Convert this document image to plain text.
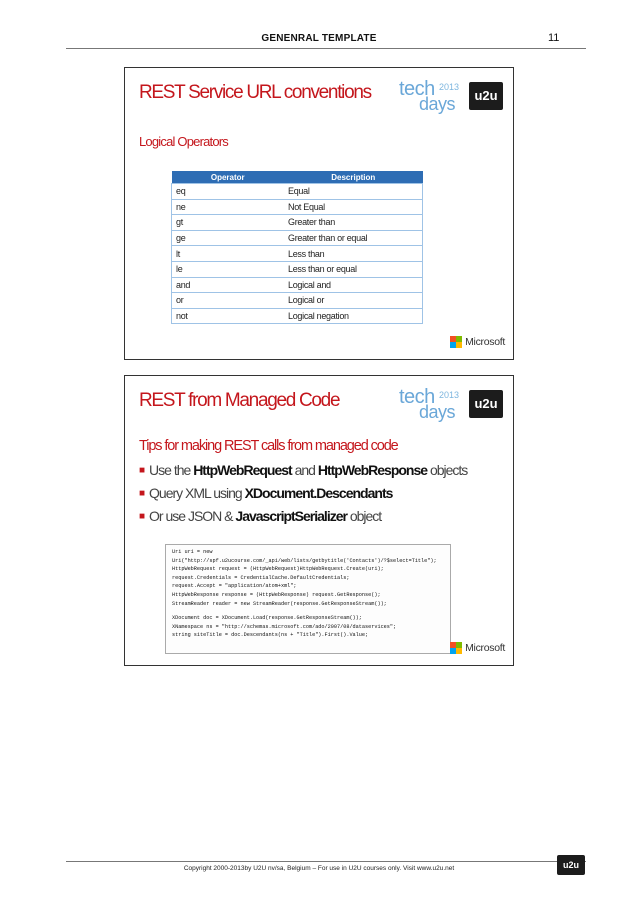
GENENRAL TEMPLATE	11
REST Service URL conventions tech 2013
days	u2u
Logical Operators
Operator	Description
eq	Equal
ne	Not Equal
gt	Greater than
ge	Greater than or equal
lt	Less than
le	Less than or equal
and	Logical and
or	Logical or
not	Logical negation
Microsoft
REST from Managed Code	tech 2013
days	u2u
Tips for making REST calls from managed code
■ Use the HttpWebRequest and HttpWebResponse objects
■ Query XML using XDocument.Descendants
■ Or use JSON & JavascriptSerializer object
Uri uri = new
Uri("http://spf.u2ucourse.com/_api/web/lists/getbytitle('Contacts')/?$select=Title");
HttpWebRequest request = (HttpWebRequest)HttpWebRequest.Create(uri);
request.Credentials = CredentialCache.DefaultCredentials;
request.Accept = "application/atom+xml";
HttpWebResponse response = (HttpWebResponse) request.GetResponse();
StreamReader reader = new StreamReader(response.GetResponseStream());
XDocument doc = XDocument.Load(response.GetResponseStream());
XNamespace ns = "http://schemas.microsoft.com/ado/2007/08/dataservices";
string siteTitle = doc.Descendants(ns + "Title").First().Value;
Microsoft
Copyright 2000-2013by U2U nv/sa, Belgium – For use in U2U courses only. Visit www.u2u.net	u2u
